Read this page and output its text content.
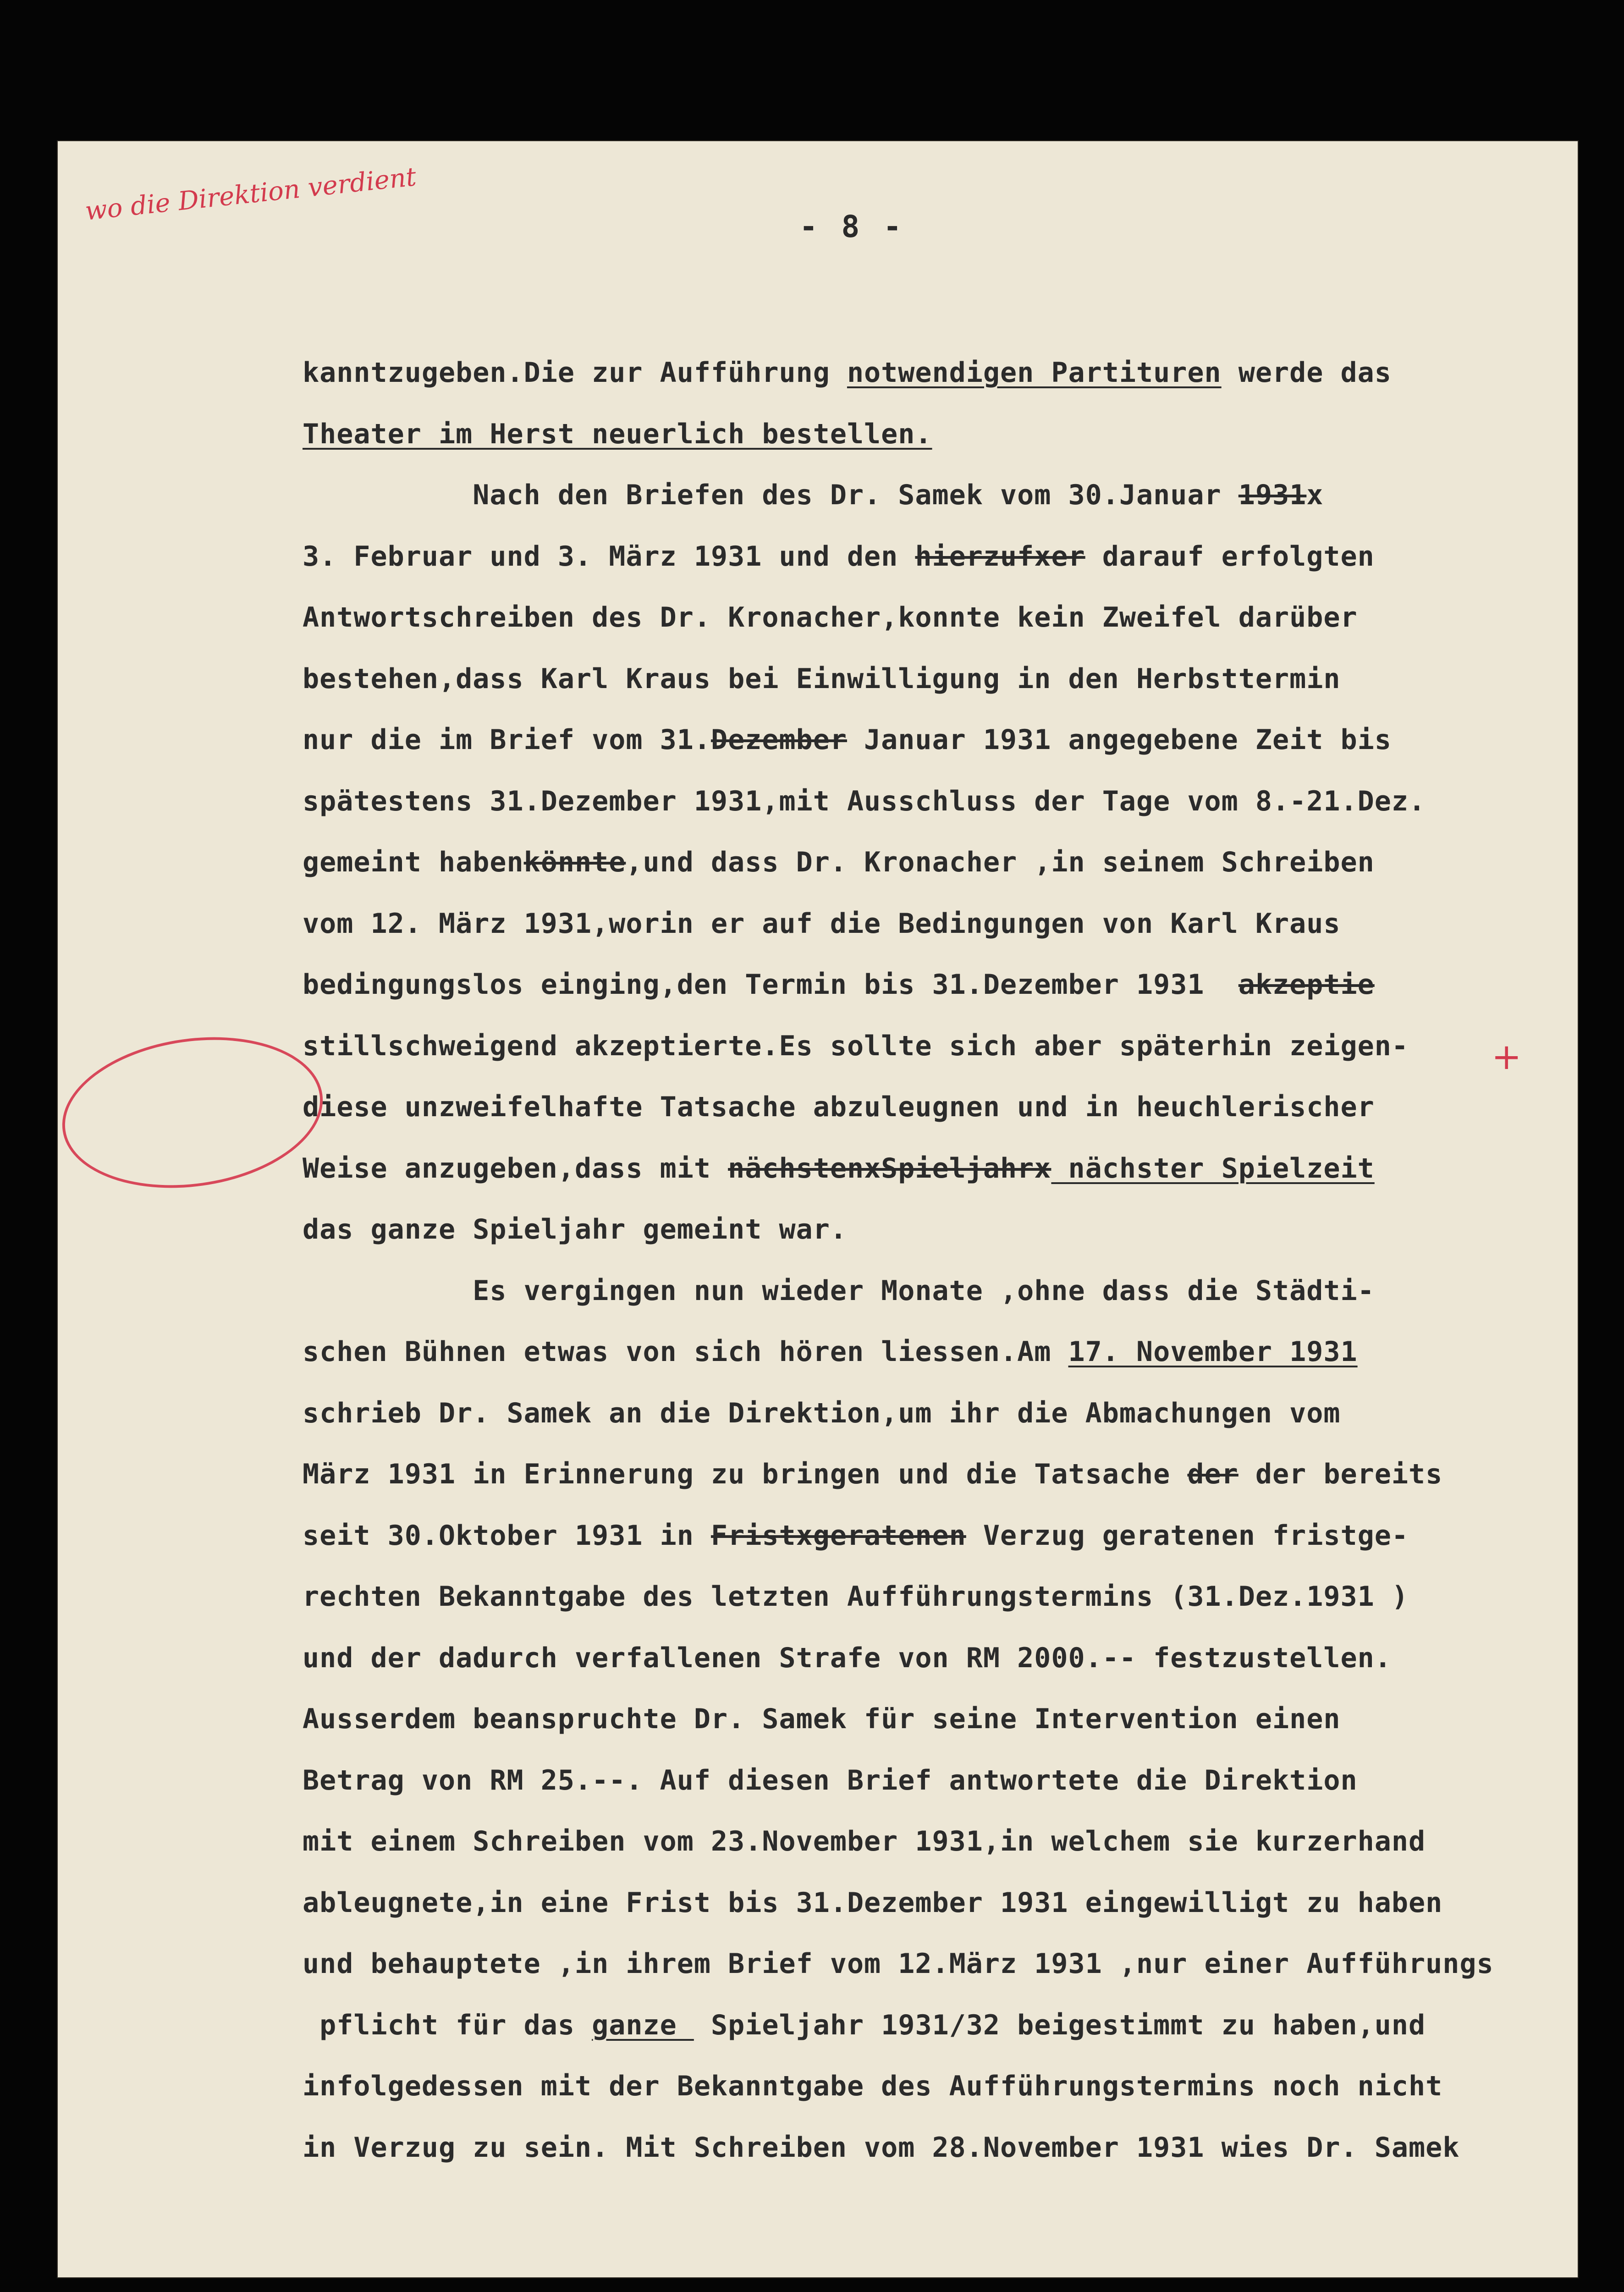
- 8 -
kanntzugeben.Die zur Aufführung notwendigen Partituren werde das
Theater im Herst neuerlich bestellen.
Nach den Briefen des Dr. Samek vom 30.Januar 1931x
3. Februar und 3. März 1931 und den hierzufxer darauf erfolgten
Antwortschreiben des Dr. Kronacher,konnte kein Zweifel darüber
bestehen,dass Karl Kraus bei Einwilligung in den Herbsttermin
nur die im Brief vom 31.Dezember Januar 1931 angegebene Zeit bis
spätestens 31.Dezember 1931,mit Ausschluss der Tage vom 8.-21.Dez.
gemeint habenkönnte,und dass Dr. Kronacher ,in seinem Schreiben
vom 12. März 1931,worin er auf die Bedingungen von Karl Kraus
bedingungslos einging,den Termin bis 31.Dezember 1931  akzeptie
stillschweigend akzeptierte.Es sollte sich aber späterhin zeigen-
diese unzweifelhafte Tatsache abzuleugnen und in heuchlerischer
Weise anzugeben,dass mit nächstenxSpieljahrx nächster Spielzeit
das ganze Spieljahr gemeint war.
Es vergingen nun wieder Monate ,ohne dass die Städti-
schen Bühnen etwas von sich hören liessen.Am 17. November 1931
schrieb Dr. Samek an die Direktion,um ihr die Abmachungen vom
März 1931 in Erinnerung zu bringen und die Tatsache der der bereits
seit 30.Oktober 1931 in Fristxgeratenen Verzug geratenen fristge-
rechten Bekanntgabe des letzten Aufführungstermins (31.Dez.1931 )
und der dadurch verfallenen Strafe von RM 2000.-- festzustellen.
Ausserdem beanspruchte Dr. Samek für seine Intervention einen
Betrag von RM 25.--. Auf diesen Brief antwortete die Direktion
mit einem Schreiben vom 23.November 1931,in welchem sie kurzerhand
ableugnete,in eine Frist bis 31.Dezember 1931 eingewilligt zu haben
und behauptete ,in ihrem Brief vom 12.März 1931 ,nur einer Aufführungs
pflicht für das ganze  Spieljahr 1931/32 beigestimmt zu haben,und
infolgedessen mit der Bekanntgabe des Aufführungstermins noch nicht
in Verzug zu sein. Mit Schreiben vom 28.November 1931 wies Dr. Samek
wo die Direktion verdient
+
